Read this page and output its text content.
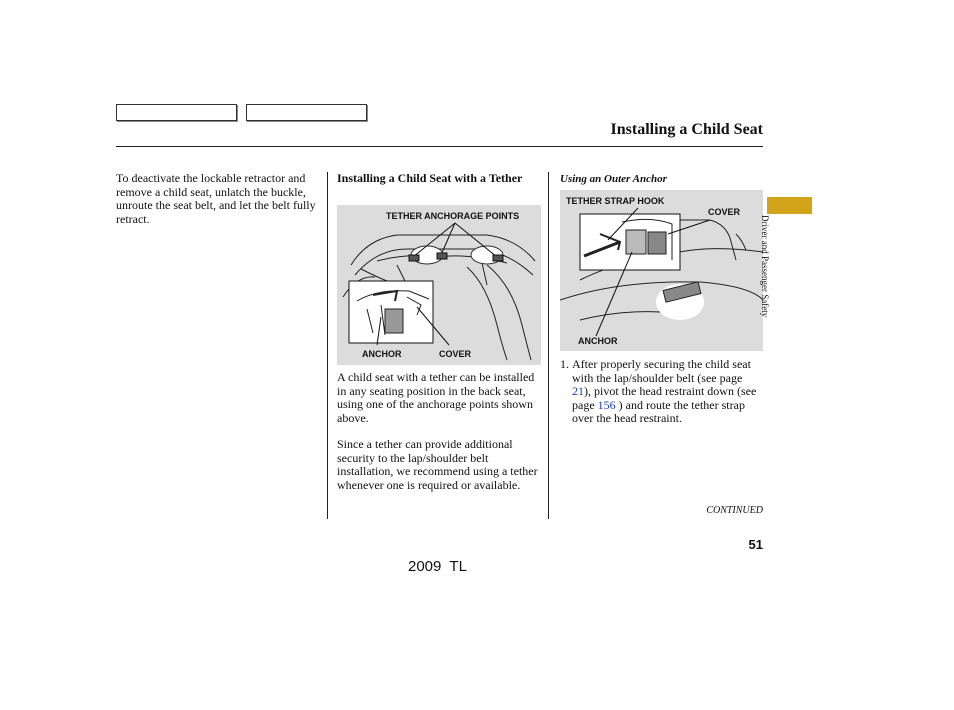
Installing a Child Seat
To deactivate the lockable retractor and remove a child seat, unlatch the buckle, unroute the seat belt, and let the belt fully retract.
Installing a Child Seat with a Tether
TETHER ANCHORAGE POINTS
ANCHOR	COVER
A child seat with a tether can be installed in any seating position in the back seat, using one of the anchorage points shown above.
Since a tether can provide additional security to the lap/shoulder belt installation, we recommend using a tether whenever one is required or available.
Using an Outer Anchor
TETHER STRAP HOOK
COVER
ANCHOR
1. After properly securing the child seat with the lap/shoulder belt (see page 21), pivot the head restraint down (see page 156 ) and route the tether strap over the head restraint.
CONTINUED
Driver and Passenger Safety
51
2009  TL
